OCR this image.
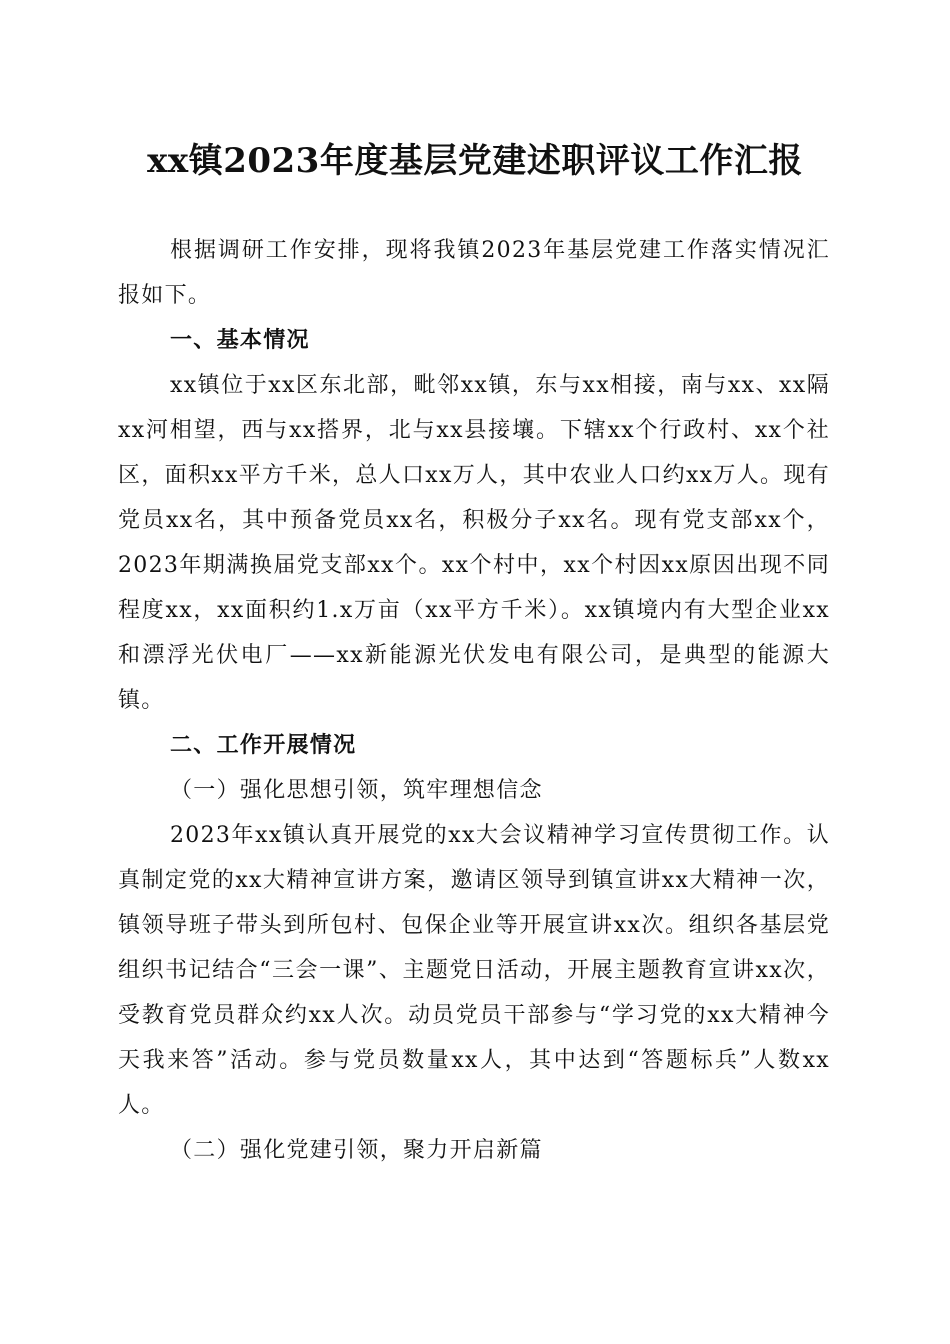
xx镇2023年度基层党建述职评议工作汇报

根据调研工作安排，现将我镇2023年基层党建工作落实情况汇报如下。

一、基本情况

xx镇位于xx区东北部，毗邻xx镇，东与xx相接，南与xx、xx隔xx河相望，西与xx搭界，北与xx县接壤。下辖xx个行政村、xx个社区，面积xx平方千米，总人口xx万人，其中农业人口约xx万人。现有党员xx名，其中预备党员xx名，积极分子xx名。现有党支部xx个，2023年期满换届党支部xx个。xx个村中，xx个村因xx原因出现不同程度xx，xx面积约1.x万亩（xx平方千米）。xx镇境内有大型企业xx和漂浮光伏电厂——xx新能源光伏发电有限公司，是典型的能源大镇。

二、工作开展情况

（一）强化思想引领，筑牢理想信念

2023年xx镇认真开展党的xx大会议精神学习宣传贯彻工作。认真制定党的xx大精神宣讲方案，邀请区领导到镇宣讲xx大精神一次，镇领导班子带头到所包村、包保企业等开展宣讲xx次。组织各基层党组织书记结合“三会一课”、主题党日活动，开展主题教育宣讲xx次，受教育党员群众约xx人次。动员党员干部参与“学习党的xx大精神今天我来答”活动。参与党员数量xx人，其中达到“答题标兵”人数xx人。

（二）强化党建引领，聚力开启新篇
